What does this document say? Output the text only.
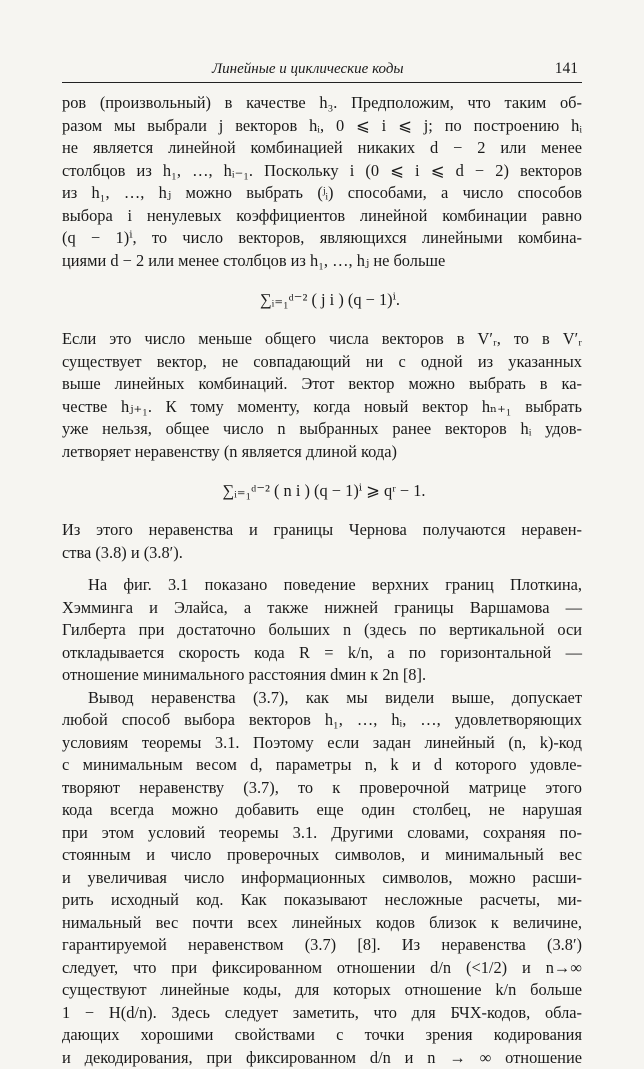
Линейные и циклические коды	141
ров (произвольный) в качестве h₃. Предположим, что таким об-
разом мы выбрали j векторов hᵢ, 0 ⩽ i ⩽ j; по построению hᵢ
не является линейной комбинацией никаких d − 2 или менее
столбцов из h₁, …, hᵢ₋₁. Поскольку i (0 ⩽ i ⩽ d − 2) векторов
из h₁, …, hⱼ можно выбрать (ʲᵢ) способами, а число способов
выбора i ненулевых коэффициентов линейной комбинации равно
(q − 1)ⁱ, то число векторов, являющихся линейными комбина-
циями d − 2 или менее столбцов из h₁, …, hⱼ не больше
∑ᵢ₌₁ᵈ⁻² ( j i ) (q − 1)ⁱ.
Если это число меньше общего числа векторов в V′ᵣ, то в V′ᵣ
существует вектор, не совпадающий ни с одной из указанных
выше линейных комбинаций. Этот вектор можно выбрать в ка-
честве hⱼ₊₁. К тому моменту, когда новый вектор hₙ₊₁ выбрать
уже нельзя, общее число n выбранных ранее векторов hᵢ удов-
летворяет неравенству (n является длиной кода)
∑ᵢ₌₁ᵈ⁻² ( n i ) (q − 1)ⁱ ⩾ qʳ − 1.
Из этого неравенства и границы Чернова получаются нерaвен-
ства (3.8) и (3.8′).
На фиг. 3.1 показано поведение верхних границ Плоткина,
Хэмминга и Элайса, а также нижней границы Варшамова —
Гилберта при достаточно больших n (здесь по вертикальной оси
откладывается скорость кода R = k/n, а по горизонтальной —
отношение минимального расстояния dмин к 2n [8].
Вывод неравенства (3.7), как мы видели выше, допускает
любой способ выбора векторов h₁, …, hᵢ, …, удовлетворяющих
условиям теоремы 3.1. Поэтому если задан линейный (n, k)-код
с минимальным весом d, параметры n, k и d которого удовле-
творяют неравенству (3.7), то к проверочной матрице этого
кода всегда можно добавить еще один столбец, не нарушая
при этом условий теоремы 3.1. Другими словами, сохраняя по-
стоянным и число проверочных символов, и минимальный вес
и увеличивая число информационных символов, можно расши-
рить исходный код. Как показывают несложные расчеты, ми-
нимальный вес почти всех линейных кодов близок к величине,
гарантируемой неравенством (3.7) [8]. Из неравенства (3.8′)
следует, что при фиксированном отношении d/n (<1/2) и n→∞
существуют линейные коды, для которых отношение k/n больше
1 − H(d/n). Здесь следует заметить, что для БЧХ-кодов, обла-
дающих хорошими свойствами с точки зрения кодирования
и декодирования, при фиксированном d/n и n → ∞ отношение
